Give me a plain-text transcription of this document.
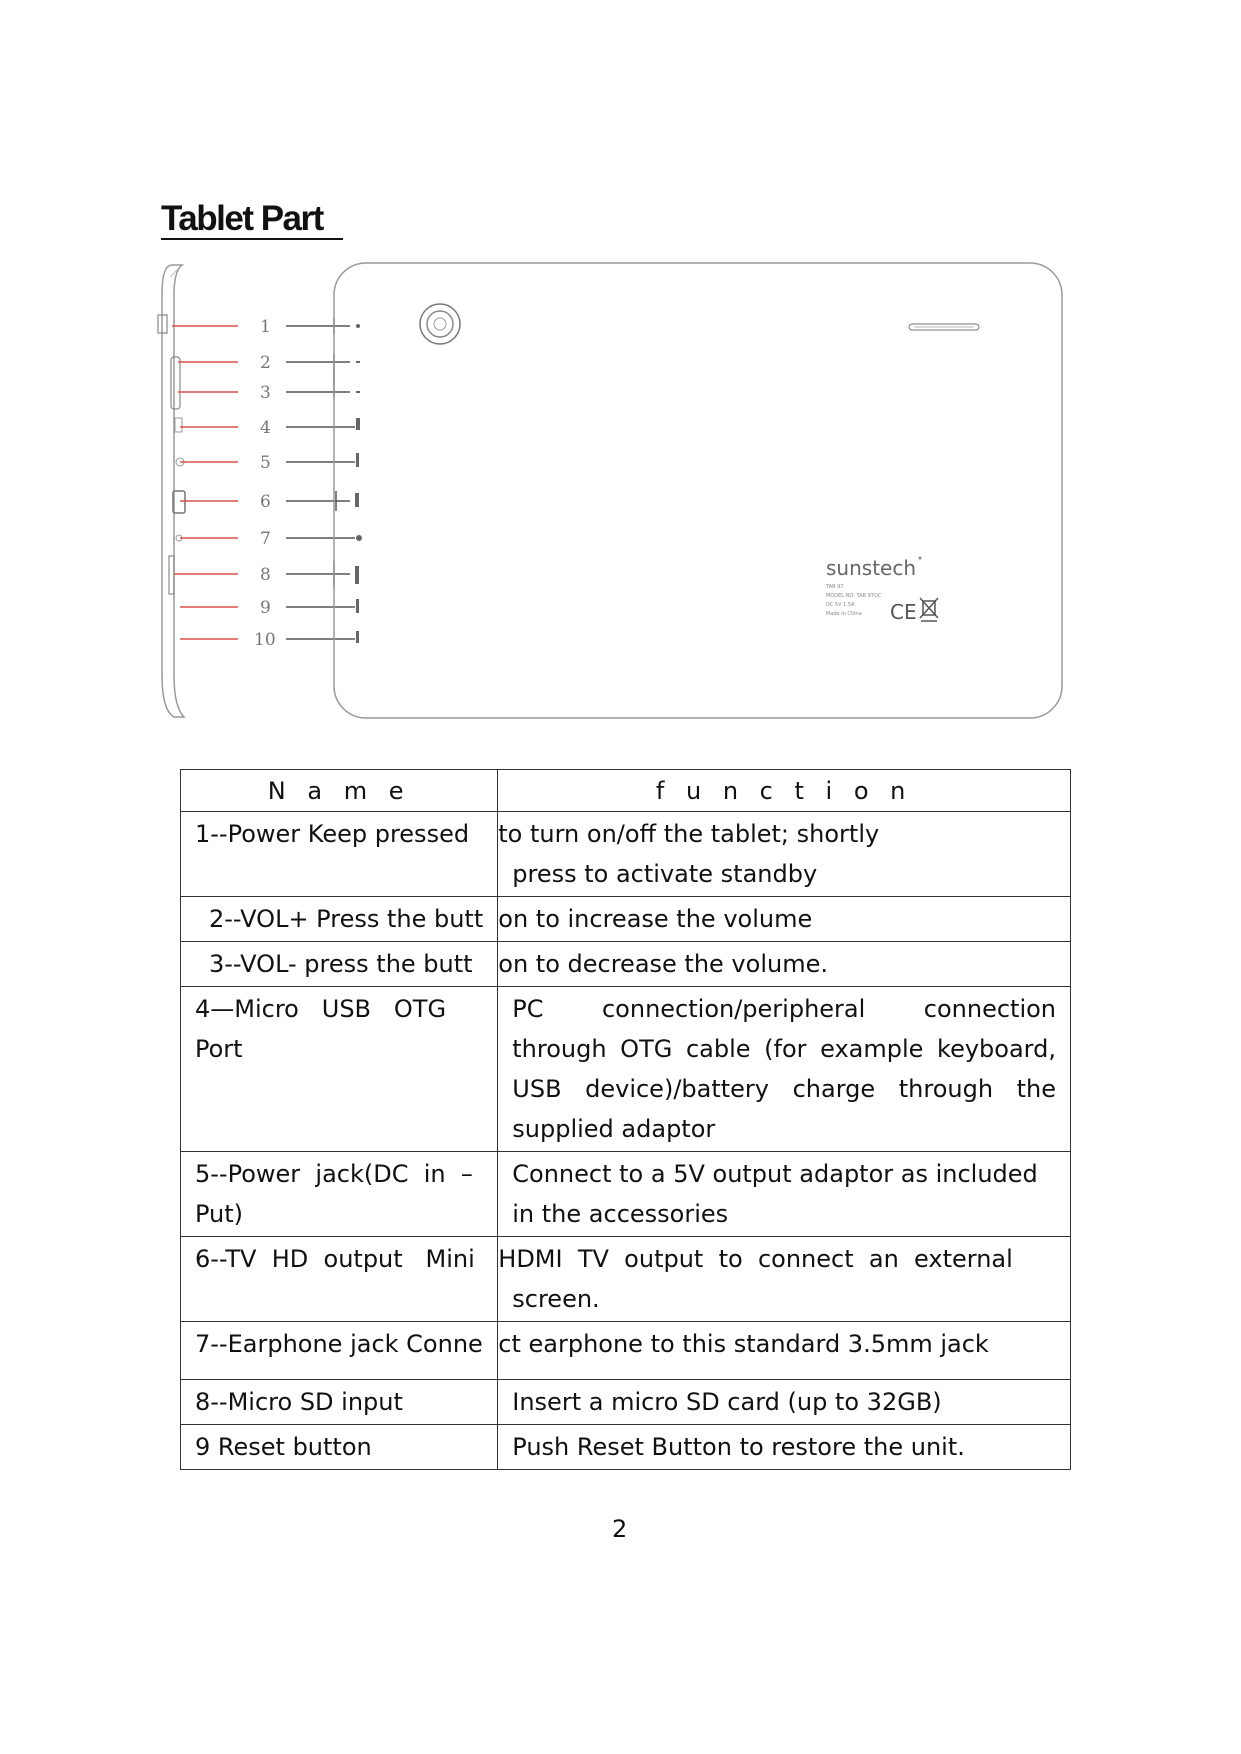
Tablet Part
1
2
3
4
5
6
7
8
9
10
sunstech
TAB 97
MODEL NO: TAB 97QC
DC 5V 1.5A
Made in China CE
N a m e	f u n c t i o n
1--Power Keep pressed	to turn on/off the tablet; shortly
press to activate standby

2--VOL+ Press the butt	on to increase the volume

3--VOL- press the butt	on to decrease the volume.

4—Micro   USB   OTG Port	PC connection/peripheral connection through OTG cable (for example keyboard, USB device)/battery charge through the supplied adaptor
5--Power  jack(DC  in  – Put)	Connect to a 5V output adaptor as included in the accessories
6--TV  HD  output   Mini	HDMI  TV  output  to  connect  an  external
screen.

7--Earphone jack Conne	ct earphone to this standard 3.5mm jack

8--Micro SD input	Insert a micro SD card (up to 32GB)
9 Reset button	Push Reset Button to restore the unit.
2
